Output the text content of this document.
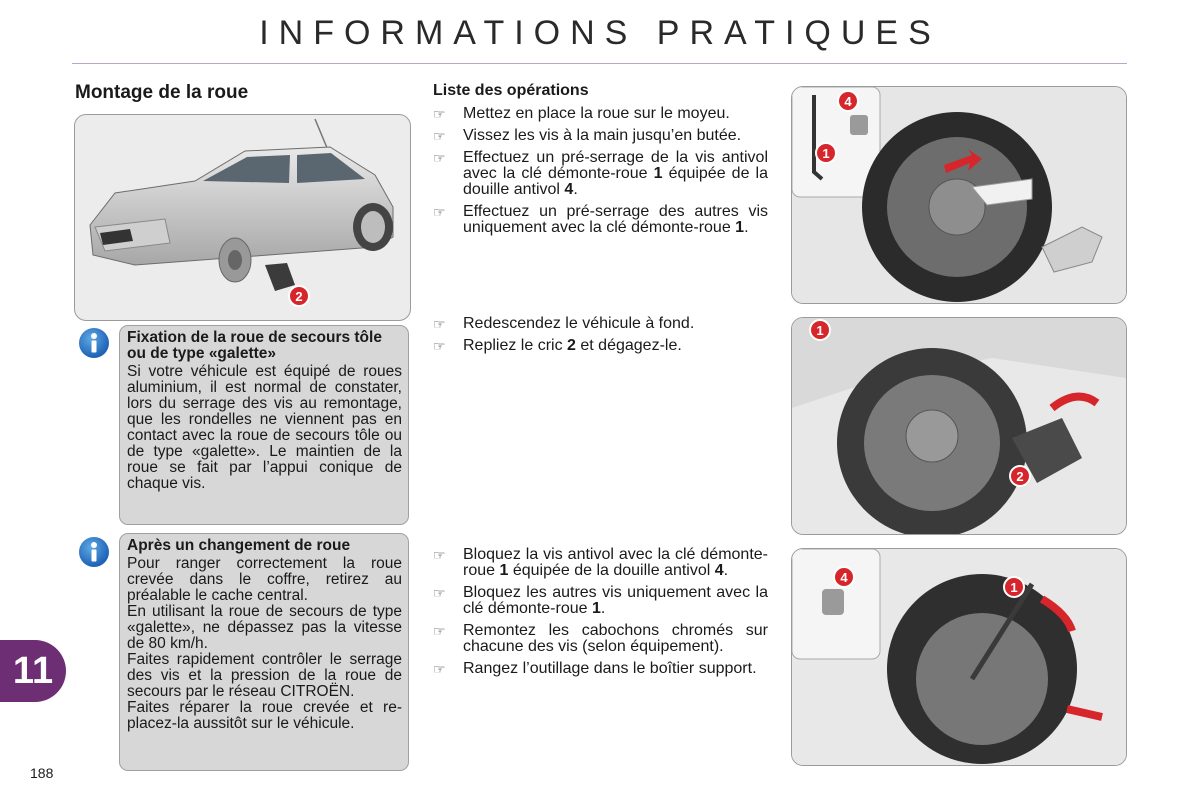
INFORMATIONS PRATIQUES
Montage de la roue
2
Fixation de la roue de secours tôle ou de type «galette»

Si votre véhicule est équipé de roues aluminium, il est normal de constater, lors du serrage des vis au remontage, que les rondelles ne viennent pas en contact avec la roue de secours tôle ou de type «galette». Le maintien de la roue se fait par l’appui conique de chaque vis.

Après un changement de roue

Pour ranger correctement la roue crevée dans le coffre, retirez au préalable le cache central.

En utilisant la roue de secours de type «galette», ne dépassez pas la vitesse de 80 km/h.

Faites rapidement contrôler le serrage des vis et la pression de la roue de secours par le réseau CITROËN.

Faites réparer la roue crevée et re-placez-la aussitôt sur le véhicule.

Liste des opérations
☞ Mettez en place la roue sur le moyeu.
☞ Vissez les vis à la main jusqu’en butée.
☞ Effectuez un pré-serrage de la vis antivol avec la clé démonte-roue 1 équipée de la douille antivol 4.
☞ Effectuez un pré-serrage des autres vis uniquement avec la clé démonte-roue 1.
☞ Redescendez le véhicule à fond.
☞ Repliez le cric 2 et dégagez-le.
☞ Bloquez la vis antivol avec la clé démonte-roue 1 équipée de la douille antivol 4.
☞ Bloquez les autres vis uniquement avec la clé démonte-roue 1.
☞ Remontez les cabochons chromés sur chacune des vis (selon équipement).
☞ Rangez l’outillage dans le boîtier support.
1
4
1
2
4
1
11
188
